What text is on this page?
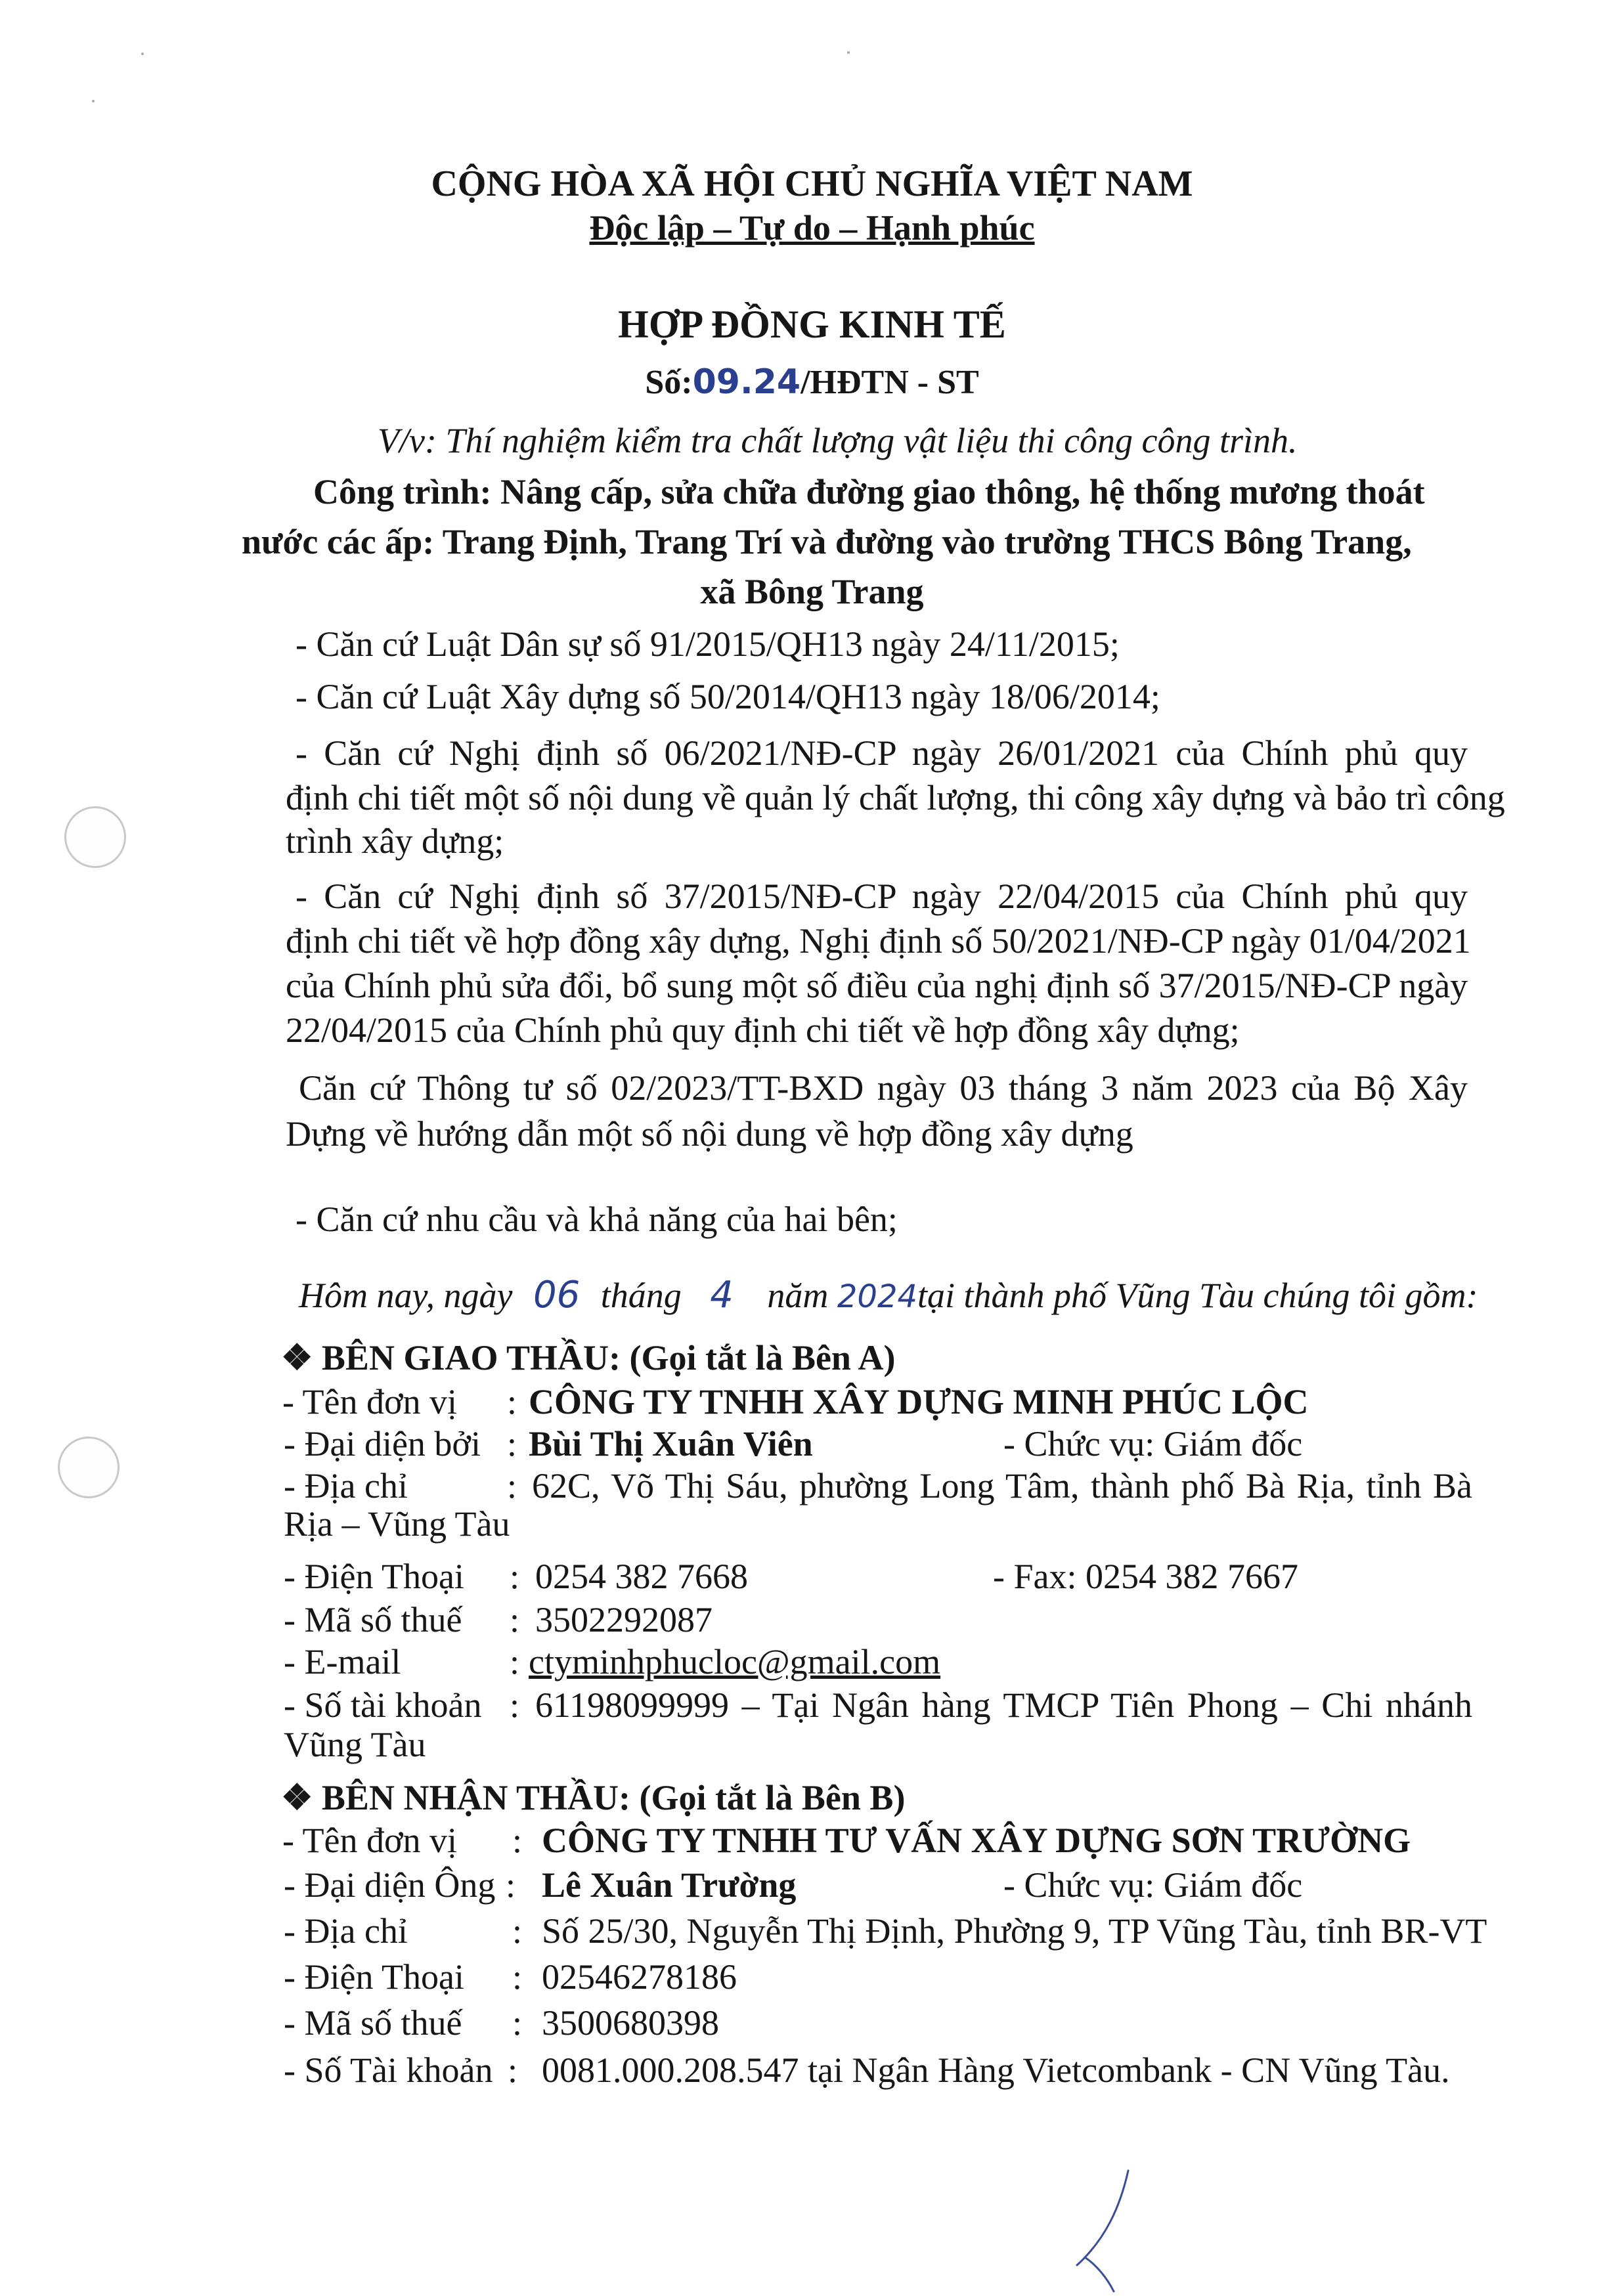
CỘNG HÒA XÃ HỘI CHỦ NGHĨA VIỆT NAM
Độc lập – Tự do – Hạnh phúc
HỢP ĐỒNG KINH TẾ
Số:09.24/HĐTN - ST
V/v: Thí nghiệm kiểm tra chất lượng vật liệu thi công công trình.
Công trình: Nâng cấp, sửa chữa đường giao thông, hệ thống mương thoát
nước các ấp: Trang Định, Trang Trí và đường vào trường THCS Bông Trang,
xã Bông Trang
- Căn cứ Luật Dân sự số 91/2015/QH13 ngày 24/11/2015;
- Căn cứ Luật Xây dựng số 50/2014/QH13 ngày 18/06/2014;
- Căn cứ Nghị định số 06/2021/NĐ-CP ngày 26/01/2021 của Chính phủ quy
định chi tiết một số nội dung về quản lý chất lượng, thi công xây dựng và bảo trì công
trình xây dựng;
- Căn cứ Nghị định số 37/2015/NĐ-CP ngày 22/04/2015 của Chính phủ quy
định chi tiết về hợp đồng xây dựng, Nghị định số 50/2021/NĐ-CP ngày 01/04/2021
của Chính phủ sửa đổi, bổ sung một số điều của nghị định số 37/2015/NĐ-CP ngày
22/04/2015 của Chính phủ quy định chi tiết về hợp đồng xây dựng;
Căn cứ Thông tư số 02/2023/TT-BXD ngày 03 tháng 3 năm 2023 của Bộ Xây
Dựng về hướng dẫn một số nội dung về hợp đồng xây dựng
- Căn cứ nhu cầu và khả năng của hai bên;
Hôm nay, ngày 06 tháng 4 năm 2024tại thành phố Vũng Tàu chúng tôi gồm:
❖ BÊN GIAO THẦU: (Gọi tắt là Bên A)
- Tên đơn vị : CÔNG TY TNHH XÂY DỰNG MINH PHÚC LỘC
- Đại diện bởi : Bùi Thị Xuân Viên	- Chức vụ: Giám đốc
- Địa chỉ	: 62C, Võ Thị Sáu, phường Long Tâm, thành phố Bà Rịa, tỉnh Bà
Rịa – Vũng Tàu
- Điện Thoại : 0254 382 7668	- Fax: 0254 382 7667
- Mã số thuế : 3502292087
- E-mail	: ctyminhphucloc@gmail.com
- Số tài khoản : 61198099999 – Tại Ngân hàng TMCP Tiên Phong – Chi nhánh
Vũng Tàu
❖ BÊN NHẬN THẦU: (Gọi tắt là Bên B)
- Tên đơn vị : CÔNG TY TNHH TƯ VẤN XÂY DỰNG SƠN TRƯỜNG
- Đại diện Ông : Lê Xuân Trường	- Chức vụ: Giám đốc
- Địa chỉ	: Số 25/30, Nguyễn Thị Định, Phường 9, TP Vũng Tàu, tỉnh BR-VT
- Điện Thoại : 02546278186
- Mã số thuế : 3500680398
- Số Tài khoản : 0081.000.208.547 tại Ngân Hàng Vietcombank - CN Vũng Tàu.
